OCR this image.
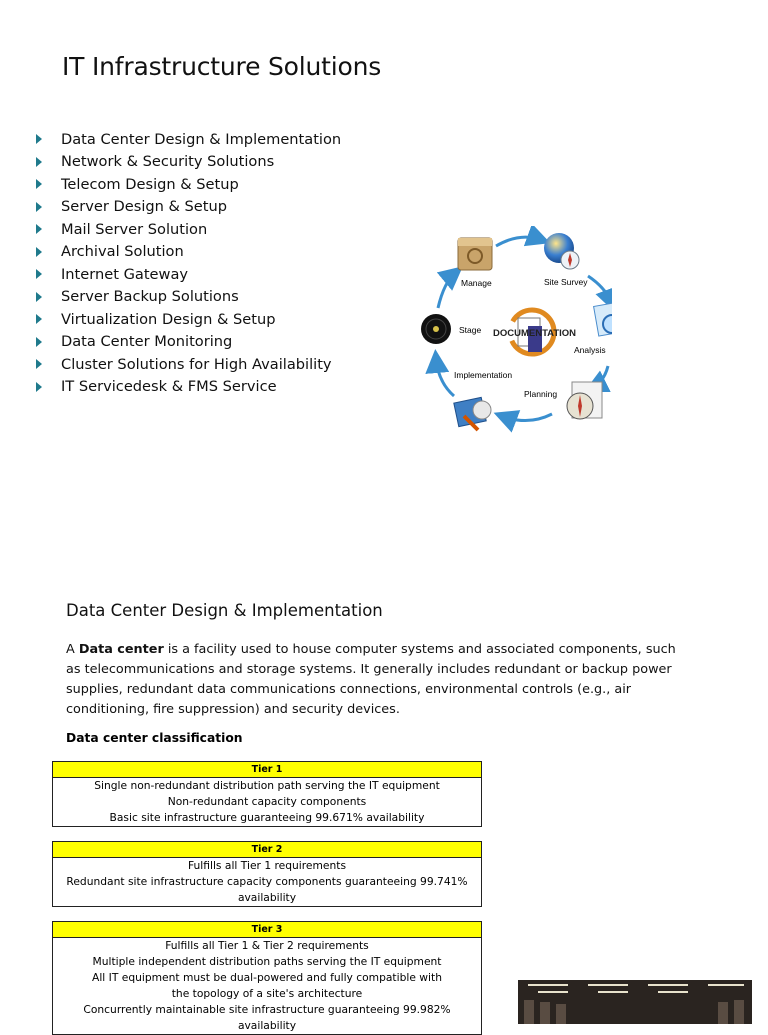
IT Infrastructure Solutions
Data Center Design & Implementation
Network & Security Solutions
Telecom Design & Setup
Server Design & Setup
Mail Server Solution
Archival Solution
Internet Gateway
Server Backup Solutions
Virtualization Design & Setup
Data Center Monitoring
Cluster Solutions for High Availability
IT Servicedesk & FMS Service
Manage	Site Survey
Analysis
Planning
Implementation
Stage DOCUMENTATION
Data Center Design & Implementation
A Data center is a facility used to house computer systems and associated components, such as telecommunications and storage systems. It generally includes redundant or backup power supplies, redundant data communications connections, environmental controls (e.g., air conditioning, fire suppression) and security devices.
Data center classification
Tier 1
Single non-redundant distribution path serving the IT equipment
Non-redundant capacity components
Basic site infrastructure guaranteeing 99.671% availability
Tier 2
Fulfills all Tier 1 requirements
Redundant site infrastructure capacity components guaranteeing 99.741%
availability
Tier 3
Fulfills all Tier 1 & Tier 2 requirements
Multiple independent distribution paths serving the IT equipment
All IT equipment must be dual-powered and fully compatible with
the topology of a site's architecture
Concurrently maintainable site infrastructure guaranteeing 99.982% availability
